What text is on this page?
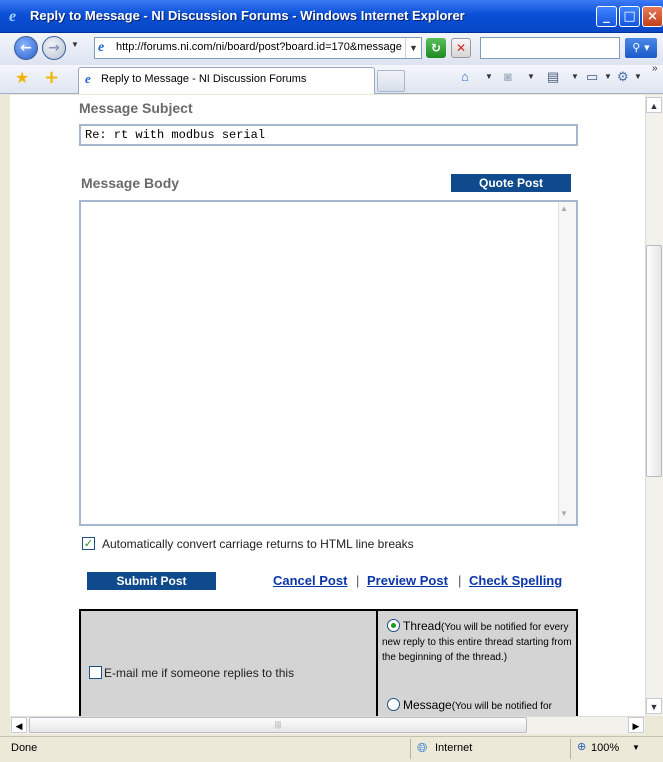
e	Reply to Message - NI Discussion Forums - Windows Internet Explorer	_	□ ×
←	→	▼ e http://forums.ni.com/ni/board/post?board.id=170&message ▼	↻	✕	⚲ ▾
★ + e Reply to Message - NI Discussion Forums	⌂ ▼ ◙ ▼ ▤ ▼ ▭ ▼ ⚙ ▼
»
Message Subject
Re: rt with modbus serial
Message Body	Quote Post
▲
▼
✓ Automatically convert carriage returns to HTML line breaks
Submit Post	Cancel Post | Preview Post | Check Spelling
E-mail me if someone replies to this
Thread(You will be notified for every new reply to this entire thread starting from the beginning of the thread.)
Message(You will be notified for
▲
▼
◀	|||	▶
Done	🌐︎ Internet	⊕ 100% ▼
